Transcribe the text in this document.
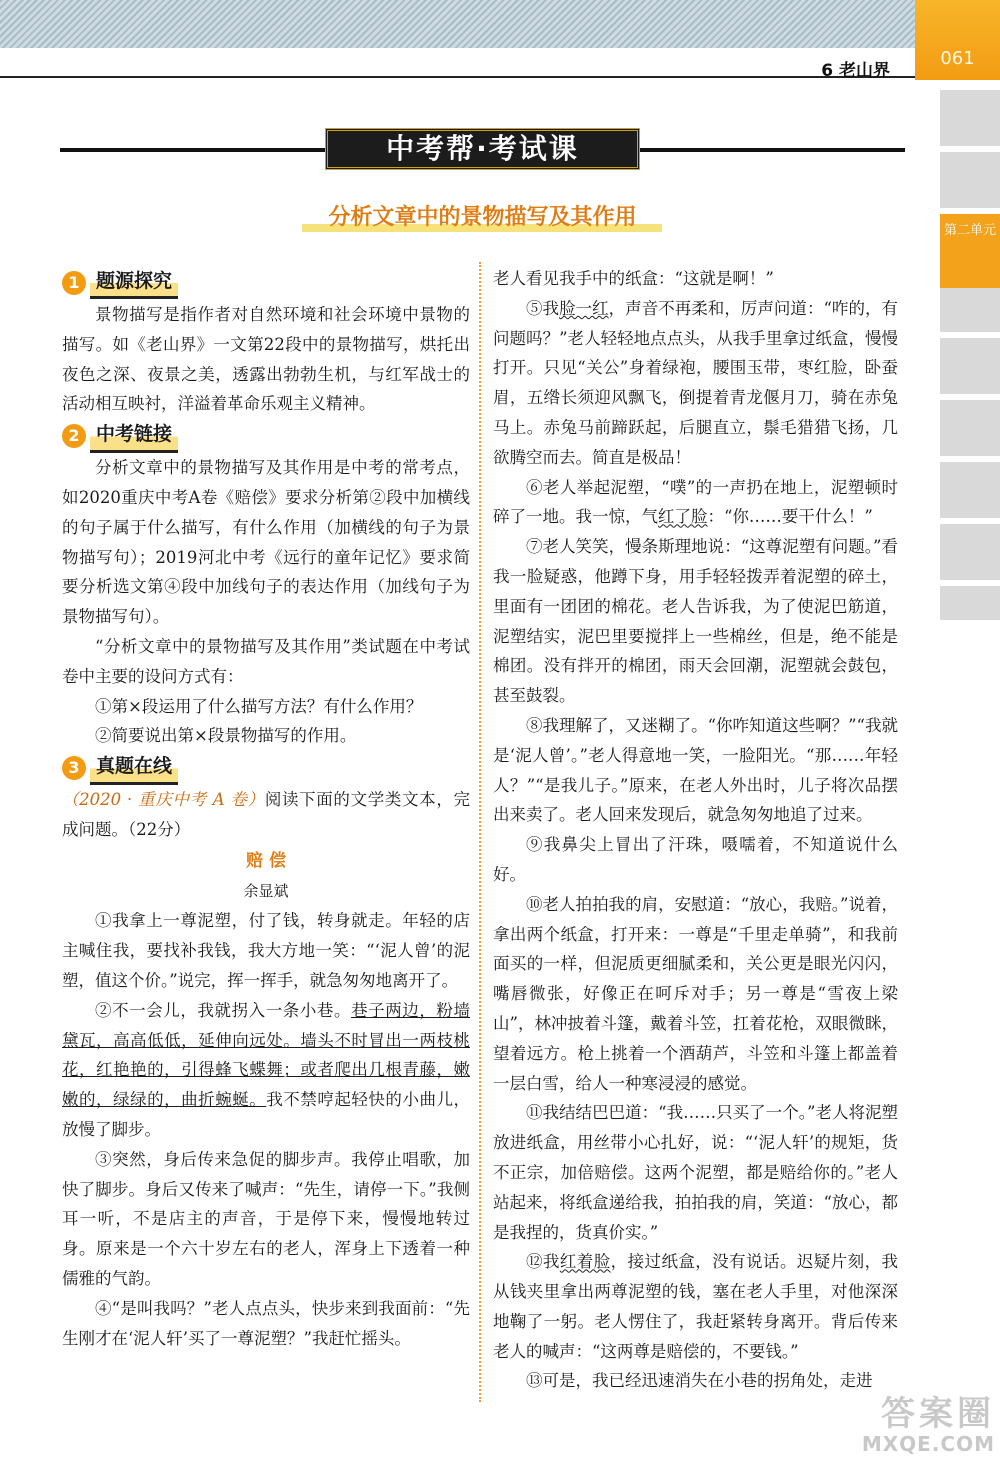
6 老山界
061
第二单元
中考帮·考试课
分析文章中的景物描写及其作用
1 题源探究

景物描写是指作者对自然环境和社会环境中景物的描写。如《老山界》一文第22段中的景物描写，烘托出夜色之深、夜景之美，透露出勃勃生机，与红军战士的活动相互映衬，洋溢着革命乐观主义精神。

2 中考链接

分析文章中的景物描写及其作用是中考的常考点，如2020重庆中考A卷《赔偿》要求分析第②段中加横线的句子属于什么描写，有什么作用（加横线的句子为景物描写句）；2019河北中考《远行的童年记忆》要求简要分析选文第④段中加线句子的表达作用（加线句子为景物描写句）。

“分析文章中的景物描写及其作用”类试题在中考试卷中主要的设问方式有：

①第×段运用了什么描写方法？有什么作用？

②简要说出第×段景物描写的作用。

3 真题在线

（2020 · 重庆中考 A 卷）阅读下面的文学类文本，完成问题。（22分）

赔 偿
余显斌

①我拿上一尊泥塑，付了钱，转身就走。年轻的店主喊住我，要找补我钱，我大方地一笑：“‘泥人曾’的泥塑，值这个价。”说完，挥一挥手，就急匆匆地离开了。

②不一会儿，我就拐入一条小巷。巷子两边，粉墙黛瓦，高高低低，延伸向远处。墙头不时冒出一两枝桃花，红艳艳的，引得蜂飞蝶舞；或者爬出几根青藤，嫩嫩的，绿绿的，曲折蜿蜒。我不禁哼起轻快的小曲儿，放慢了脚步。

③突然，身后传来急促的脚步声。我停止唱歌，加快了脚步。身后又传来了喊声：“先生，请停一下。”我侧耳一听，不是店主的声音，于是停下来，慢慢地转过身。原来是一个六十岁左右的老人，浑身上下透着一种儒雅的气韵。

④“是叫我吗？”老人点点头，快步来到我面前：“先生刚才在‘泥人轩’买了一尊泥塑？”我赶忙摇头。

老人看见我手中的纸盒：“这就是啊！”

⑤我脸一红，声音不再柔和，厉声问道：“咋的，有问题吗？”老人轻轻地点点头，从我手里拿过纸盒，慢慢打开。只见“关公”身着绿袍，腰围玉带，枣红脸，卧蚕眉，五绺长须迎风飘飞，倒提着青龙偃月刀，骑在赤兔马上。赤兔马前蹄跃起，后腿直立，鬃毛猎猎飞扬，几欲腾空而去。简直是极品！

⑥老人举起泥塑，“噗”的一声扔在地上，泥塑顿时碎了一地。我一惊，气红了脸：“你……要干什么！”

⑦老人笑笑，慢条斯理地说：“这尊泥塑有问题。”看我一脸疑惑，他蹲下身，用手轻轻拨弄着泥塑的碎土，里面有一团团的棉花。老人告诉我，为了使泥巴筋道，泥塑结实，泥巴里要搅拌上一些棉丝，但是，绝不能是棉团。没有拌开的棉团，雨天会回潮，泥塑就会鼓包，甚至鼓裂。

⑧我理解了，又迷糊了。“你咋知道这些啊？”“我就是‘泥人曾’。”老人得意地一笑，一脸阳光。“那……年轻人？”“是我儿子。”原来，在老人外出时，儿子将次品摆出来卖了。老人回来发现后，就急匆匆地追了过来。

⑨我鼻尖上冒出了汗珠，嗫嚅着，不知道说什么好。

⑩老人拍拍我的肩，安慰道：“放心，我赔。”说着，拿出两个纸盒，打开来：一尊是“千里走单骑”，和我前面买的一样，但泥质更细腻柔和，关公更是眼光闪闪，嘴唇微张，好像正在呵斥对手；另一尊是“雪夜上梁山”，林冲披着斗篷，戴着斗笠，扛着花枪，双眼微眯，望着远方。枪上挑着一个酒葫芦，斗笠和斗篷上都盖着一层白雪，给人一种寒浸浸的感觉。

⑪我结结巴巴道：“我……只买了一个。”老人将泥塑放进纸盒，用丝带小心扎好，说：“‘泥人轩’的规矩，货不正宗，加倍赔偿。这两个泥塑，都是赔给你的。”老人站起来，将纸盒递给我，拍拍我的肩，笑道：“放心，都是我捏的，货真价实。”

⑫我红着脸，接过纸盒，没有说话。迟疑片刻，我从钱夹里拿出两尊泥塑的钱，塞在老人手里，对他深深地鞠了一躬。老人愣住了，我赶紧转身离开。背后传来老人的喊声：“这两尊是赔偿的，不要钱。”

⑬可是，我已经迅速消失在小巷的拐角处，走进

答案圈
MXQE.COM
